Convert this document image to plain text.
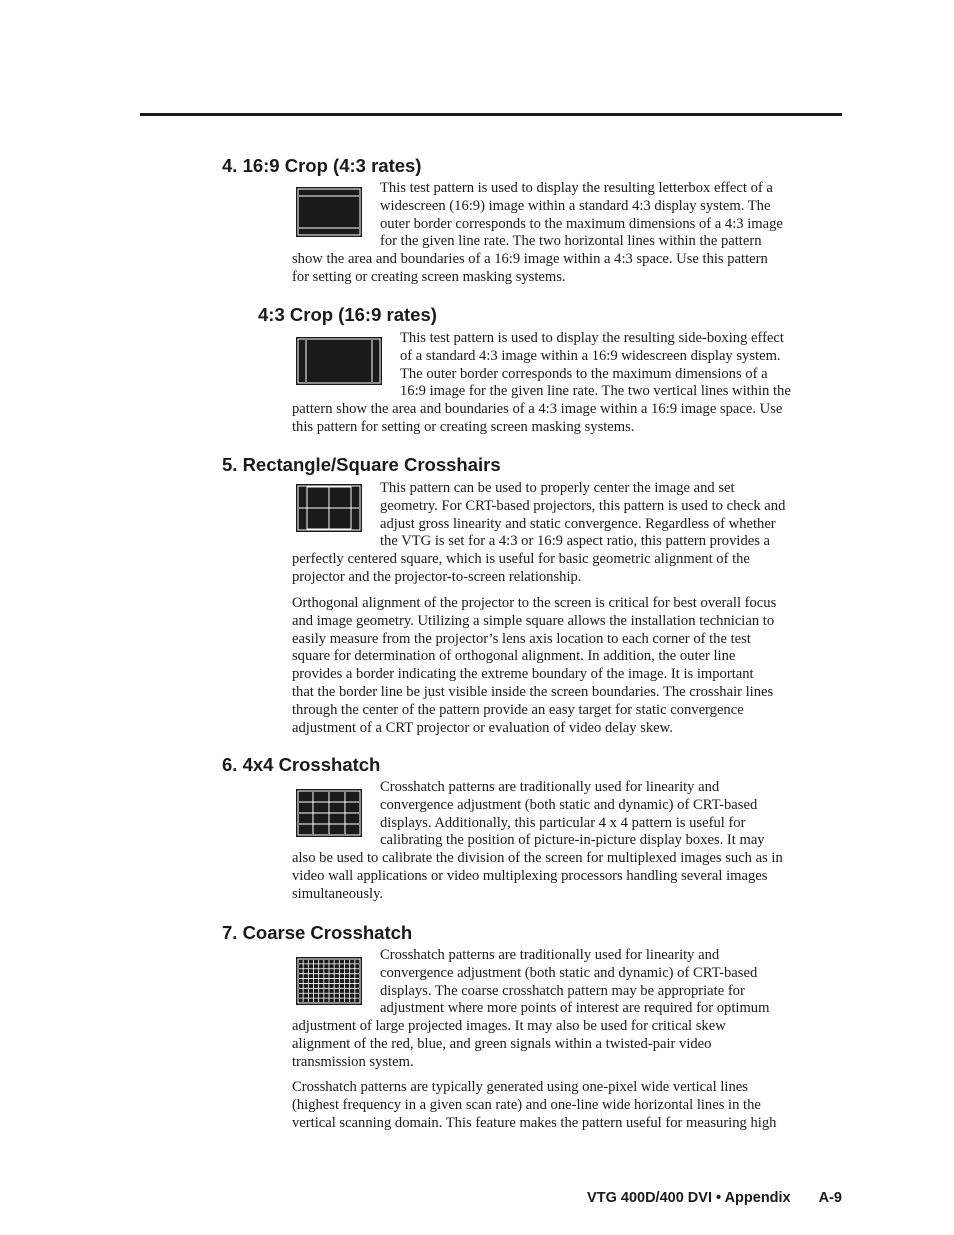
4. 16:9 Crop (4:3 rates)
This test pattern is used to display the resulting letterbox effect of a
widescreen (16:9) image within a standard 4:3 display system. The
outer border corresponds to the maximum dimensions of a 4:3 image
for the given line rate. The two horizontal lines within the pattern
show the area and boundaries of a 16:9 image within a 4:3 space. Use this pattern
for setting or creating screen masking systems.
4:3 Crop (16:9 rates)
This test pattern is used to display the resulting side-boxing effect
of a standard 4:3 image within a 16:9 widescreen display system.
The outer border corresponds to the maximum dimensions of a
16:9 image for the given line rate. The two vertical lines within the
pattern show the area and boundaries of a 4:3 image within a 16:9 image space. Use
this pattern for setting or creating screen masking systems.
5. Rectangle/Square Crosshairs
This pattern can be used to properly center the image and set
geometry. For CRT-based projectors, this pattern is used to check and
adjust gross linearity and static convergence. Regardless of whether
the VTG is set for a 4:3 or 16:9 aspect ratio, this pattern provides a
perfectly centered square, which is useful for basic geometric alignment of the
projector and the projector-to-screen relationship.
Orthogonal alignment of the projector to the screen is critical for best overall focus
and image geometry. Utilizing a simple square allows the installation technician to
easily measure from the projector’s lens axis location to each corner of the test
square for determination of orthogonal alignment. In addition, the outer line
provides a border indicating the extreme boundary of the image. It is important
that the border line be just visible inside the screen boundaries. The crosshair lines
through the center of the pattern provide an easy target for static convergence
adjustment of a CRT projector or evaluation of video delay skew.
6. 4x4 Crosshatch
Crosshatch patterns are traditionally used for linearity and
convergence adjustment (both static and dynamic) of CRT-based
displays. Additionally, this particular 4 x 4 pattern is useful for
calibrating the position of picture-in-picture display boxes. It may
also be used to calibrate the division of the screen for multiplexed images such as in
video wall applications or video multiplexing processors handling several images
simultaneously.
7. Coarse Crosshatch
Crosshatch patterns are traditionally used for linearity and
convergence adjustment (both static and dynamic) of CRT-based
displays. The coarse crosshatch pattern may be appropriate for
adjustment where more points of interest are required for optimum
adjustment of large projected images. It may also be used for critical skew
alignment of the red, blue, and green signals within a twisted-pair video
transmission system.
Crosshatch patterns are typically generated using one-pixel wide vertical lines
(highest frequency in a given scan rate) and one-line wide horizontal lines in the
vertical scanning domain. This feature makes the pattern useful for measuring high
VTG 400D/400 DVI • Appendix A-9
